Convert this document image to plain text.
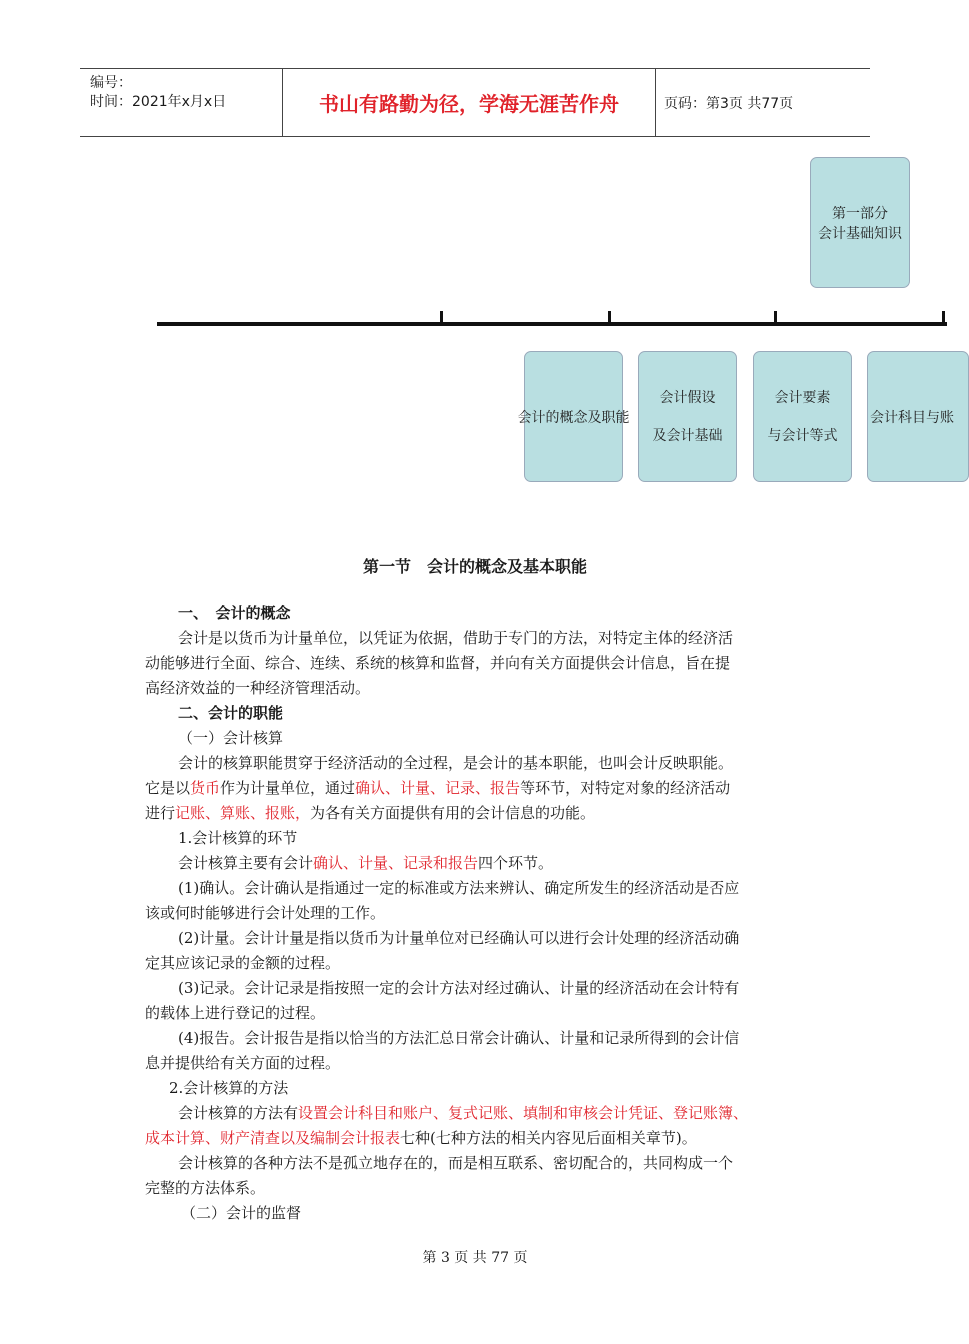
编号：
时间：2021年x月x日	书山有路勤为径，学海无涯苦作舟	页码：第3页 共77页
第一部分
会计基础知识
会计的概念及职能
会计假设
及会计基础
会计要素
与会计等式
会计科目与账
第一节　会计的概念及基本职能
一、　会计的概念
会计是以货币为计量单位，以凭证为依据，借助于专门的方法，对特定主体的经济活
动能够进行全面、综合、连续、系统的核算和监督，并向有关方面提供会计信息，旨在提
高经济效益的一种经济管理活动。
二、会计的职能
（一）会计核算
会计的核算职能贯穿于经济活动的全过程，是会计的基本职能，也叫会计反映职能。
它是以货币作为计量单位，通过确认、计量、记录、报告等环节，对特定对象的经济活动
进行记账、算账、报账，为各有关方面提供有用的会计信息的功能。
1.会计核算的环节
会计核算主要有会计确认、计量、记录和报告四个环节。
(1)确认。会计确认是指通过一定的标准或方法来辨认、确定所发生的经济活动是否应
该或何时能够进行会计处理的工作。
(2)计量。会计计量是指以货币为计量单位对已经确认可以进行会计处理的经济活动确
定其应该记录的金额的过程。
(3)记录。会计记录是指按照一定的会计方法对经过确认、计量的经济活动在会计特有
的载体上进行登记的过程。
(4)报告。会计报告是指以恰当的方法汇总日常会计确认、计量和记录所得到的会计信
息并提供给有关方面的过程。
2.会计核算的方法
会计核算的方法有设置会计科目和账户、复式记账、填制和审核会计凭证、登记账簿、
成本计算、财产清查以及编制会计报表七种(七种方法的相关内容见后面相关章节)。
会计核算的各种方法不是孤立地存在的，而是相互联系、密切配合的，共同构成一个
完整的方法体系。
（二）会计的监督
第 3 页 共 77 页
